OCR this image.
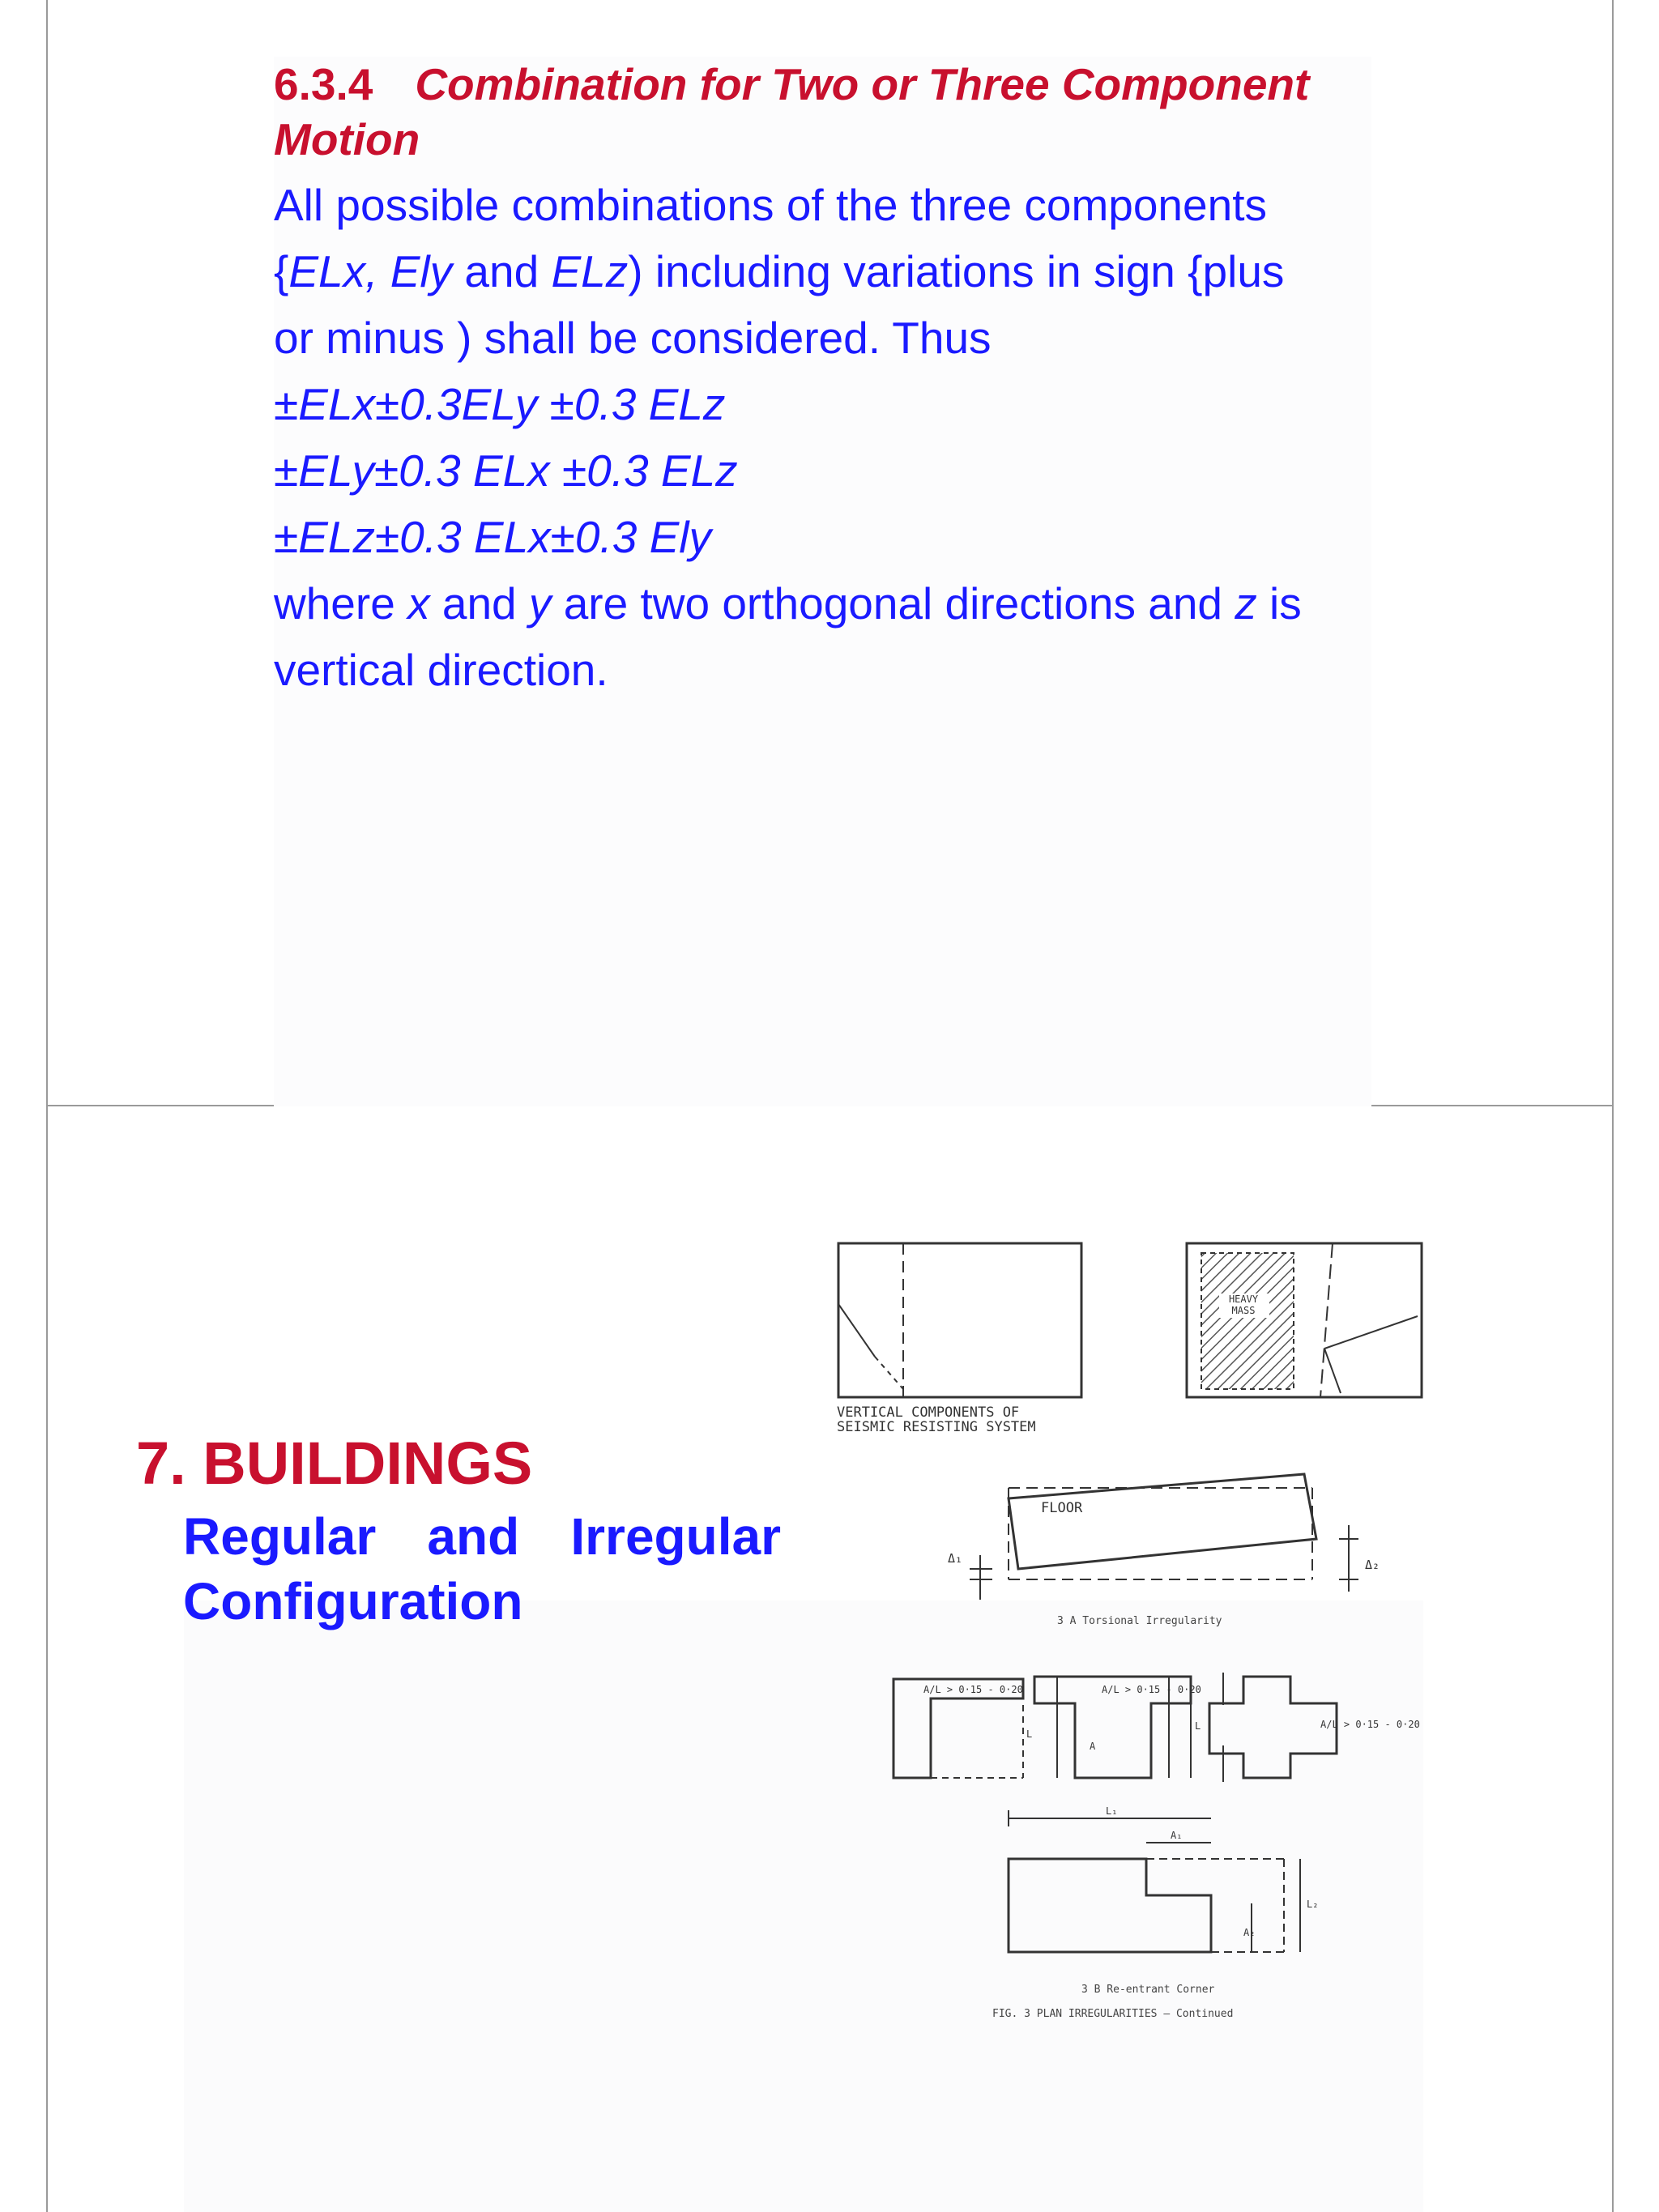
6.3.4 Combination for Two or Three Component
Motion

All possible combinations of the three components
{ELx, Ely and ELz) including variations in sign {plus
or minus ) shall be considered. Thus

±ELx±0.3ELy ±0.3 ELz

±ELy±0.3 ELx ±0.3 ELz

±ELz±0.3 ELx±0.3 Ely

where x and y are two orthogonal directions and z is
vertical direction.

7. BUILDINGS

Regular and Irregular

Configuration

HEAVY
MASS
VERTICAL COMPONENTS OF
SEISMIC RESISTING SYSTEM
FLOOR
Δ₁	Δ₂
3 A Torsional Irregularity
A/L > 0·15 - 0·20
L
A/L > 0·15 - 0·20
A
A/L > 0·15 - 0·20
L
L₁
A₁
L₂
A₂
3 B Re-entrant Corner
FIG. 3 PLAN IRREGULARITIES — Continued
